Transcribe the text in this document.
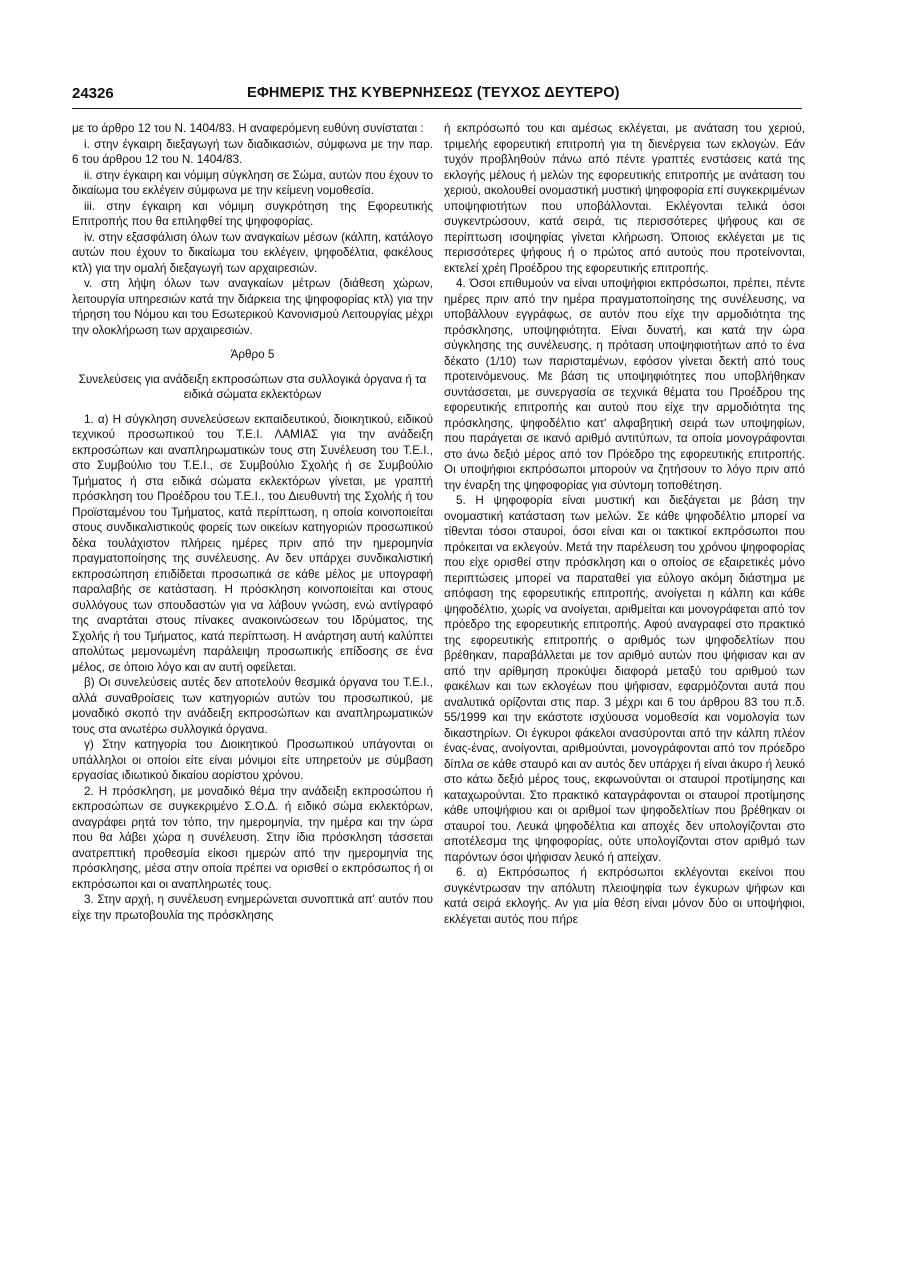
24326	ΕΦΗΜΕΡΙΣ ΤΗΣ ΚΥΒΕΡΝΗΣΕΩΣ (ΤΕΥΧΟΣ ΔΕΥΤΕΡΟ)

με το άρθρο 12 του Ν. 1404/83. Η αναφερόμενη ευθύνη συνίσταται :

i. στην έγκαιρη διεξαγωγή των διαδικασιών, σύμφωνα με την παρ. 6 του άρθρου 12 του Ν. 1404/83.

ii. στην έγκαιρη και νόμιμη σύγκληση σε Σώμα, αυτών που έχουν το δικαίωμα του εκλέγειν σύμφωνα με την κείμενη νομοθεσία.

iii. στην έγκαιρη και νόμιμη συγκρότηση της Εφορευτικής Επιτροπής που θα επιληφθεί της ψηφοφορίας.

iv. στην εξασφάλιση όλων των αναγκαίων μέσων (κάλπη, κατάλογο αυτών που έχουν το δικαίωμα του εκλέγειν, ψηφοδέλτια, φακέλους κτλ) για την ομαλή διεξαγωγή των αρχαιρεσιών.

v. στη λήψη όλων των αναγκαίων μέτρων (διάθεση χώρων, λειτουργία υπηρεσιών κατά την διάρκεια της ψηφοφορίας κτλ) για την τήρηση του Νόμου και του Εσωτερικού Κανονισμού Λειτουργίας μέχρι την ολοκλήρωση των αρχαιρεσιών.

Άρθρο 5

Συνελεύσεις για ανάδειξη εκπροσώπων στα συλλογικά όργανα ή τα ειδικά σώματα εκλεκτόρων

1. α) Η σύγκληση συνελεύσεων εκπαιδευτικού, διοικητικού, ειδικού τεχνικού προσωπικού του Τ.Ε.Ι. ΛΑΜΙΑΣ για την ανάδειξη εκπροσώπων και αναπληρωματικών τους στη Συνέλευση του Τ.Ε.Ι., στο Συμβούλιο του Τ.Ε.Ι., σε Συμβούλιο Σχολής ή σε Συμβούλιο Τμήματος ή στα ειδικά σώματα εκλεκτόρων γίνεται, με γραπτή πρόσκληση του Προέδρου του Τ.Ε.Ι., του Διευθυντή της Σχολής ή του Προϊσταμένου του Τμήματος, κατά περίπτωση, η οποία κοινοποιείται στους συνδικαλιστικούς φορείς των οικείων κατηγοριών προσωπικού δέκα τουλάχιστον πλήρεις ημέρες πριν από την ημερομηνία πραγματοποίησης της συνέλευσης. Αν δεν υπάρχει συνδικαλιστική εκπροσώπηση επιδίδεται προσωπικά σε κάθε μέλος με υπογραφή παραλαβής σε κατάσταση. Η πρόσκληση κοινοποιείται και στους συλλόγους των σπουδαστών για να λάβουν γνώση, ενώ αντίγραφό της αναρτάται στους πίνακες ανακοινώσεων του Ιδρύματος, της Σχολής ή του Τμήματος, κατά περίπτωση. Η ανάρτηση αυτή καλύπτει απολύτως μεμονωμένη παράλειψη προσωπικής επίδοσης σε ένα μέλος, σε όποιο λόγο και αν αυτή οφείλεται.

β) Οι συνελεύσεις αυτές δεν αποτελούν θεσμικά όργανα του Τ.Ε.Ι., αλλά συναθροίσεις των κατηγοριών αυτών του προσωπικού, με μοναδικό σκοπό την ανάδειξη εκπροσώπων και αναπληρωματικών τους στα ανωτέρω συλλογικά όργανα.

γ) Στην κατηγορία του Διοικητικού Προσωπικού υπάγονται οι υπάλληλοι οι οποίοι είτε είναι μόνιμοι είτε υπηρετούν με σύμβαση εργασίας ιδιωτικού δικαίου αορίστου χρόνου.

2. Η πρόσκληση, με μοναδικό θέμα την ανάδειξη εκπροσώπου ή εκπροσώπων σε συγκεκριμένο Σ.Ο.Δ. ή ειδικό σώμα εκλεκτόρων, αναγράφει ρητά τον τόπο, την ημερομηνία, την ημέρα και την ώρα που θα λάβει χώρα η συνέλευση. Στην ίδια πρόσκληση τάσσεται ανατρεπτική προθεσμία είκοσι ημερών από την ημερομηνία της πρόσκλησης, μέσα στην οποία πρέπει να ορισθεί ο εκπρόσωπος ή οι εκπρόσωποι και οι αναπληρωτές τους.

3. Στην αρχή, η συνέλευση ενημερώνεται συνοπτικά απ' αυτόν που είχε την πρωτοβουλία της πρόσκλησης

ή εκπρόσωπό του και αμέσως εκλέγεται, με ανάταση του χεριού, τριμελής εφορευτική επιτροπή για τη διενέργεια των εκλογών. Εάν τυχόν προβληθούν πάνω από πέντε γραπτές ενστάσεις κατά της εκλογής μέλους ή μελών της εφορευτικής επιτροπής με ανάταση του χεριού, ακολουθεί ονομαστική μυστική ψηφοφορία επί συγκεκριμένων υποψηφιοτήτων που υποβάλλονται. Εκλέγονται τελικά όσοι συγκεντρώσουν, κατά σειρά, τις περισσότερες ψήφους και σε περίπτωση ισοψηφίας γίνεται κλήρωση. Όποιος εκλέγεται με τις περισσότερες ψήφους ή ο πρώτος από αυτούς που προτείνονται, εκτελεί χρέη Προέδρου της εφορευτικής επιτροπής.

4. Όσοι επιθυμούν να είναι υποψήφιοι εκπρόσωποι, πρέπει, πέντε ημέρες πριν από την ημέρα πραγματοποίησης της συνέλευσης, να υποβάλλουν εγγράφως, σε αυτόν που είχε την αρμοδιότητα της πρόσκλησης, υποψηφιότητα. Είναι δυνατή, και κατά την ώρα σύγκλησης της συνέλευσης, η πρόταση υποψηφιοτήτων από το ένα δέκατο (1/10) των παρισταμένων, εφόσον γίνεται δεκτή από τους προτεινόμενους. Με βάση τις υποψηφιότητες που υποβλήθηκαν συντάσσεται, με συνεργασία σε τεχνικά θέματα του Προέδρου της εφορευτικής επιτροπής και αυτού που είχε την αρμοδιότητα της πρόσκλησης, ψηφοδέλτιο κατ' αλφαβητική σειρά των υποψηφίων, που παράγεται σε ικανό αριθμό αντιτύπων, τα οποία μονογράφονται στο άνω δεξιό μέρος από τον Πρόεδρο της εφορευτικής επιτροπής. Οι υποψήφιοι εκπρόσωποι μπορούν να ζητήσουν το λόγο πριν από την έναρξη της ψηφοφορίας για σύντομη τοποθέτηση.

5. Η ψηφοφορία είναι μυστική και διεξάγεται με βάση την ονομαστική κατάσταση των μελών. Σε κάθε ψηφοδέλτιο μπορεί να τίθενται τόσοι σταυροί, όσοι είναι και οι τακτικοί εκπρόσωποι που πρόκειται να εκλεγούν. Μετά την παρέλευση του χρόνου ψηφοφορίας που είχε ορισθεί στην πρόσκληση και ο οποίος σε εξαιρετικές μόνο περιπτώσεις μπορεί να παραταθεί για εύλογο ακόμη διάστημα με απόφαση της εφορευτικής επιτροπής, ανοίγεται η κάλπη και κάθε ψηφοδέλτιο, χωρίς να ανοίγεται, αριθμείται και μονογράφεται από τον πρόεδρο της εφορευτικής επιτροπής. Αφού αναγραφεί στο πρακτικό της εφορευτικής επιτροπής ο αριθμός των ψηφοδελτίων που βρέθηκαν, παραβάλλεται με τον αριθμό αυτών που ψήφισαν και αν από την αρίθμηση προκύψει διαφορά μεταξύ του αριθμού των φακέλων και των εκλογέων που ψήφισαν, εφαρμόζονται αυτά που αναλυτικά ορίζονται στις παρ. 3 μέχρι και 6 του άρθρου 83 του π.δ. 55/1999 και την εκάστοτε ισχύουσα νομοθεσία και νομολογία των δικαστηρίων. Οι έγκυροι φάκελοι ανασύρονται από την κάλπη πλέον ένας-ένας, ανοίγονται, αριθμούνται, μονογράφονται από τον πρόεδρο δίπλα σε κάθε σταυρό και αν αυτός δεν υπάρχει ή είναι άκυρο ή λευκό στο κάτω δεξιό μέρος τους, εκφωνούνται οι σταυροί προτίμησης και καταχωρούνται. Στο πρακτικό καταγράφονται οι σταυροί προτίμησης κάθε υποψήφιου και οι αριθμοί των ψηφοδελτίων που βρέθηκαν οι σταυροί του. Λευκά ψηφοδέλτια και αποχές δεν υπολογίζονται στο αποτέλεσμα της ψηφοφορίας, ούτε υπολογίζονται στον αριθμό των παρόντων όσοι ψήφισαν λευκό ή απείχαν.

6. α) Εκπρόσωπος ή εκπρόσωποι εκλέγονται εκείνοι που συγκέντρωσαν την απόλυτη πλειοψηφία των έγκυρων ψήφων και κατά σειρά εκλογής. Αν για μία θέση είναι μόνον δύο οι υποψήφιοι, εκλέγεται αυτός που πήρε
